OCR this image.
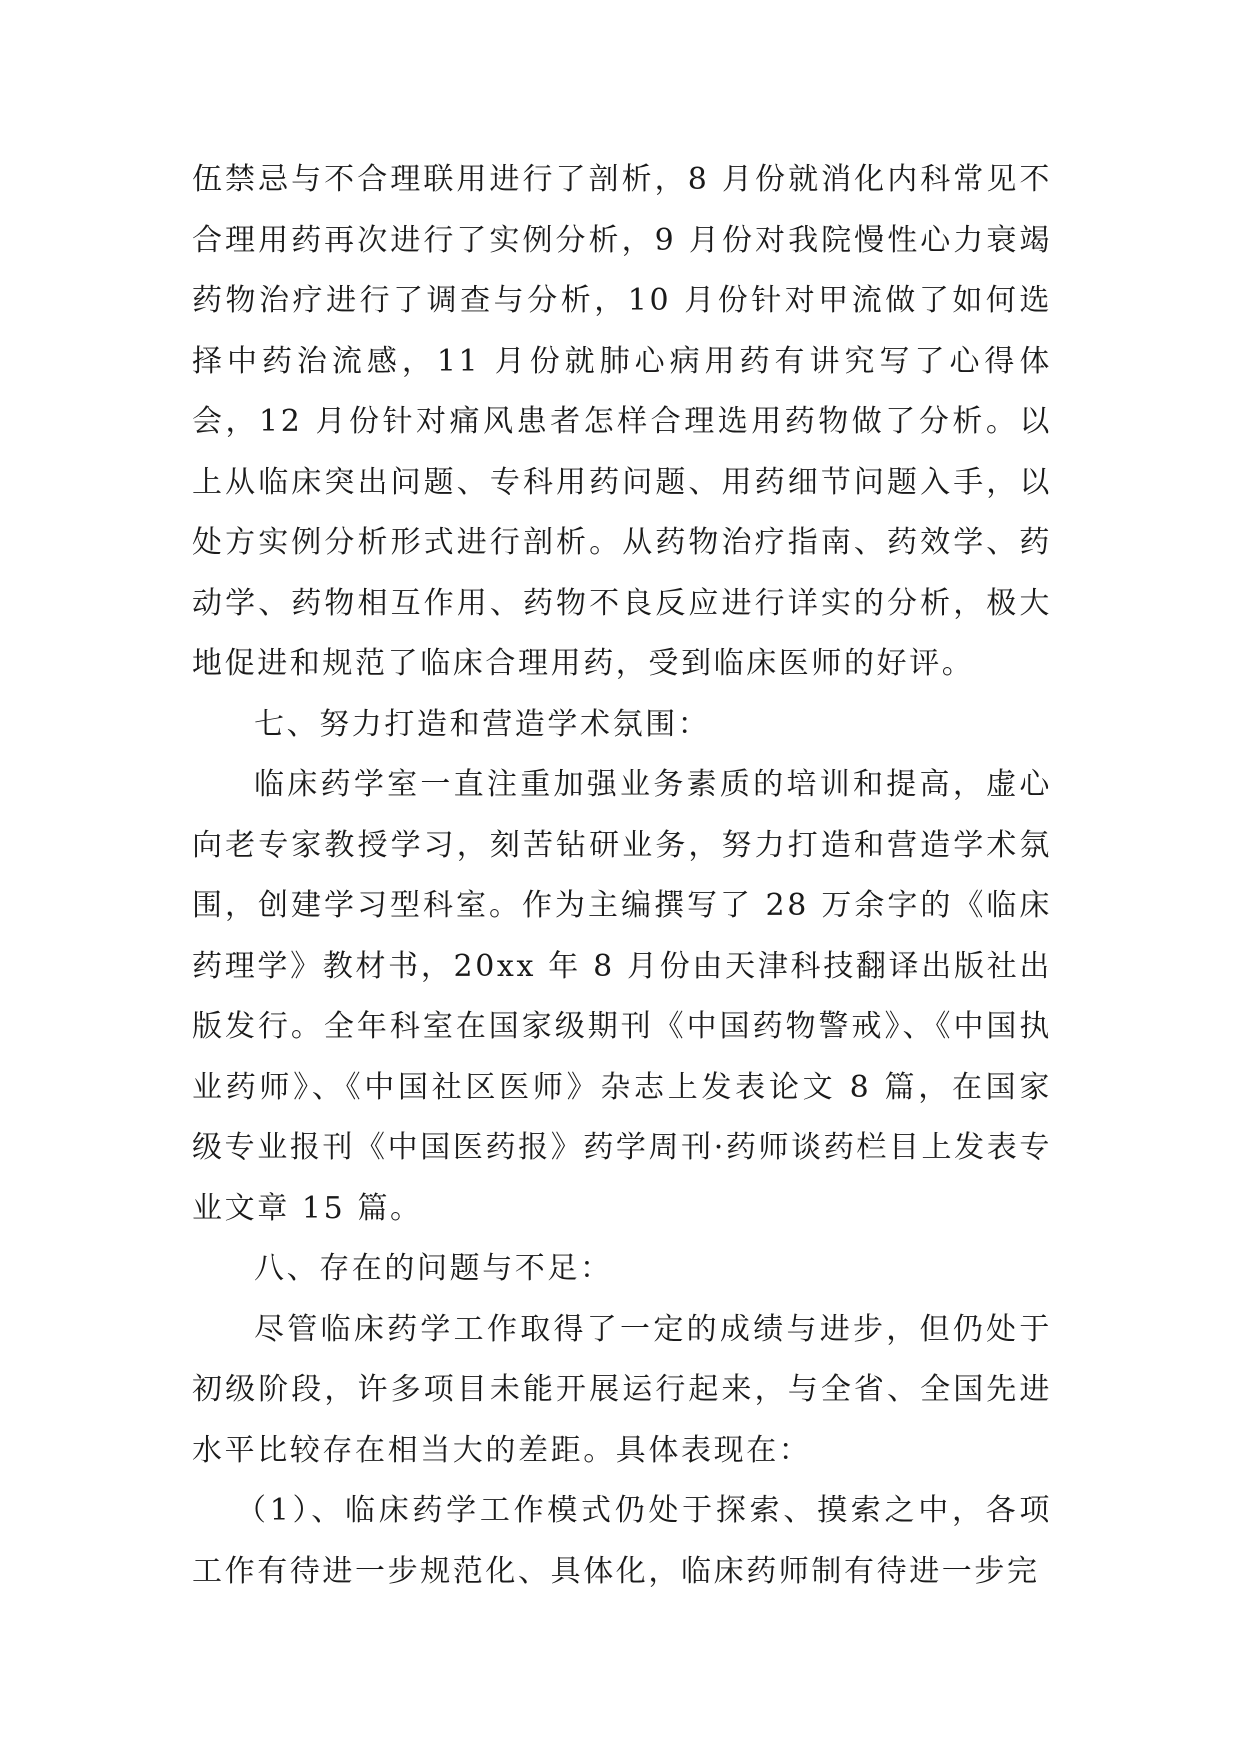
伍禁忌与不合理联用进行了剖析，8 月份就消化内科常见不合理用药再次进行了实例分析，9 月份对我院慢性心力衰竭药物治疗进行了调查与分析，10 月份针对甲流做了如何选择中药治流感，11 月份就肺心病用药有讲究写了心得体会，12 月份针对痛风患者怎样合理选用药物做了分析。以上从临床突出问题、专科用药问题、用药细节问题入手，以处方实例分析形式进行剖析。从药物治疗指南、药效学、药动学、药物相互作用、药物不良反应进行详实的分析，极大地促进和规范了临床合理用药，受到临床医师的好评。

七、努力打造和营造学术氛围：

临床药学室一直注重加强业务素质的培训和提高，虚心向老专家教授学习，刻苦钻研业务，努力打造和营造学术氛围，创建学习型科室。作为主编撰写了 28 万余字的《临床药理学》教材书，20xx 年 8 月份由天津科技翻译出版社出版发行。全年科室在国家级期刊《中国药物警戒》、《中国执业药师》、《中国社区医师》杂志上发表论文 8 篇，在国家级专业报刊《中国医药报》药学周刊·药师谈药栏目上发表专业文章 15 篇。

八、存在的问题与不足：

尽管临床药学工作取得了一定的成绩与进步，但仍处于初级阶段，许多项目未能开展运行起来，与全省、全国先进水平比较存在相当大的差距。具体表现在：

（1）、临床药学工作模式仍处于探索、摸索之中，各项工作有待进一步规范化、具体化，临床药师制有待进一步完
